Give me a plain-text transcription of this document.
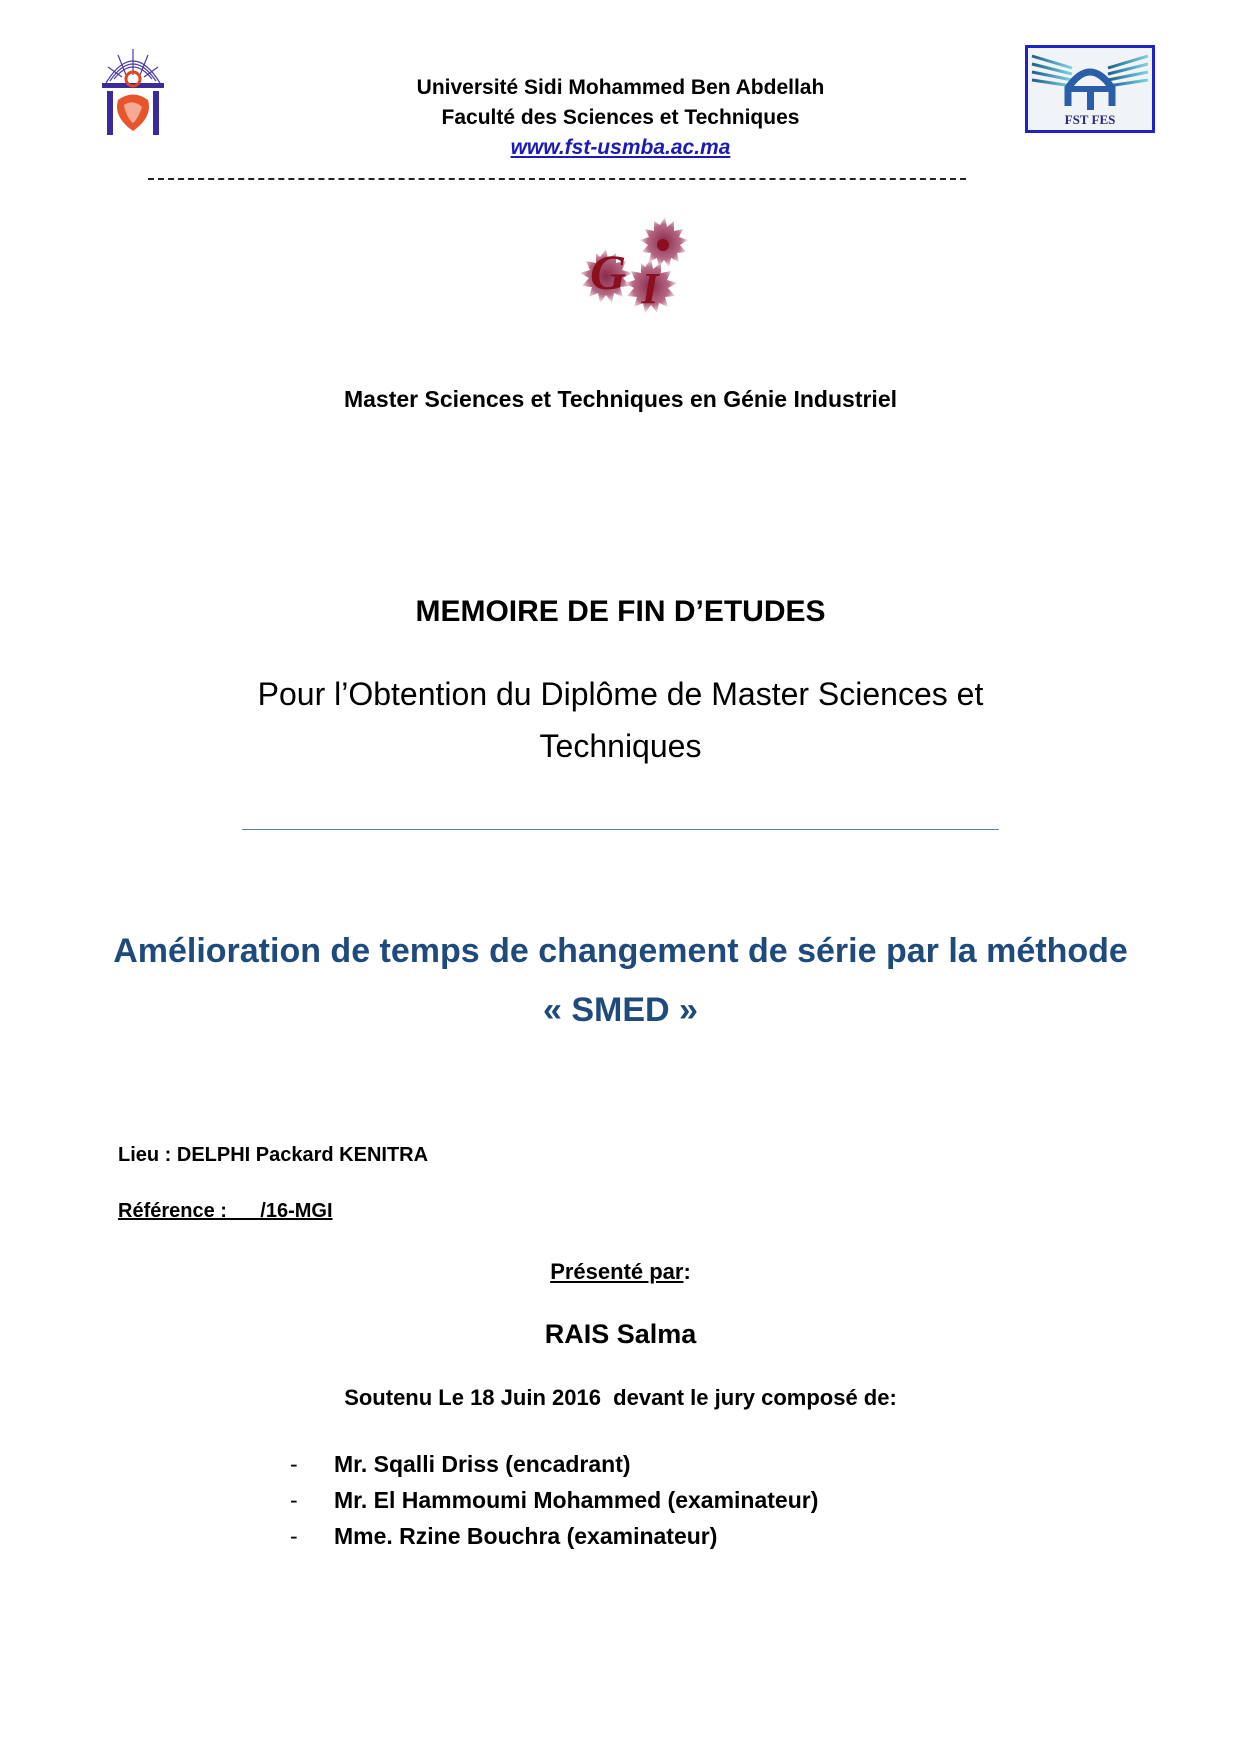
Université Sidi Mohammed Ben Abdellah
Faculté des Sciences et Techniques
www.fst-usmba.ac.ma
FST FES
G I
Master Sciences et Techniques en Génie Industriel
MEMOIRE DE FIN D’ETUDES
Pour l’Obtention du Diplôme de Master Sciences et Techniques
Amélioration de temps de changement de série par la méthode « SMED »
Lieu : DELPHI Packard KENITRA
Référence :      /16-MGI
Présenté par:
RAIS Salma
Soutenu Le 18 Juin 2016  devant le jury composé de:
-	Mr. Sqalli Driss (encadrant)
-	Mr. El Hammoumi Mohammed (examinateur)
-	Mme. Rzine Bouchra (examinateur)
